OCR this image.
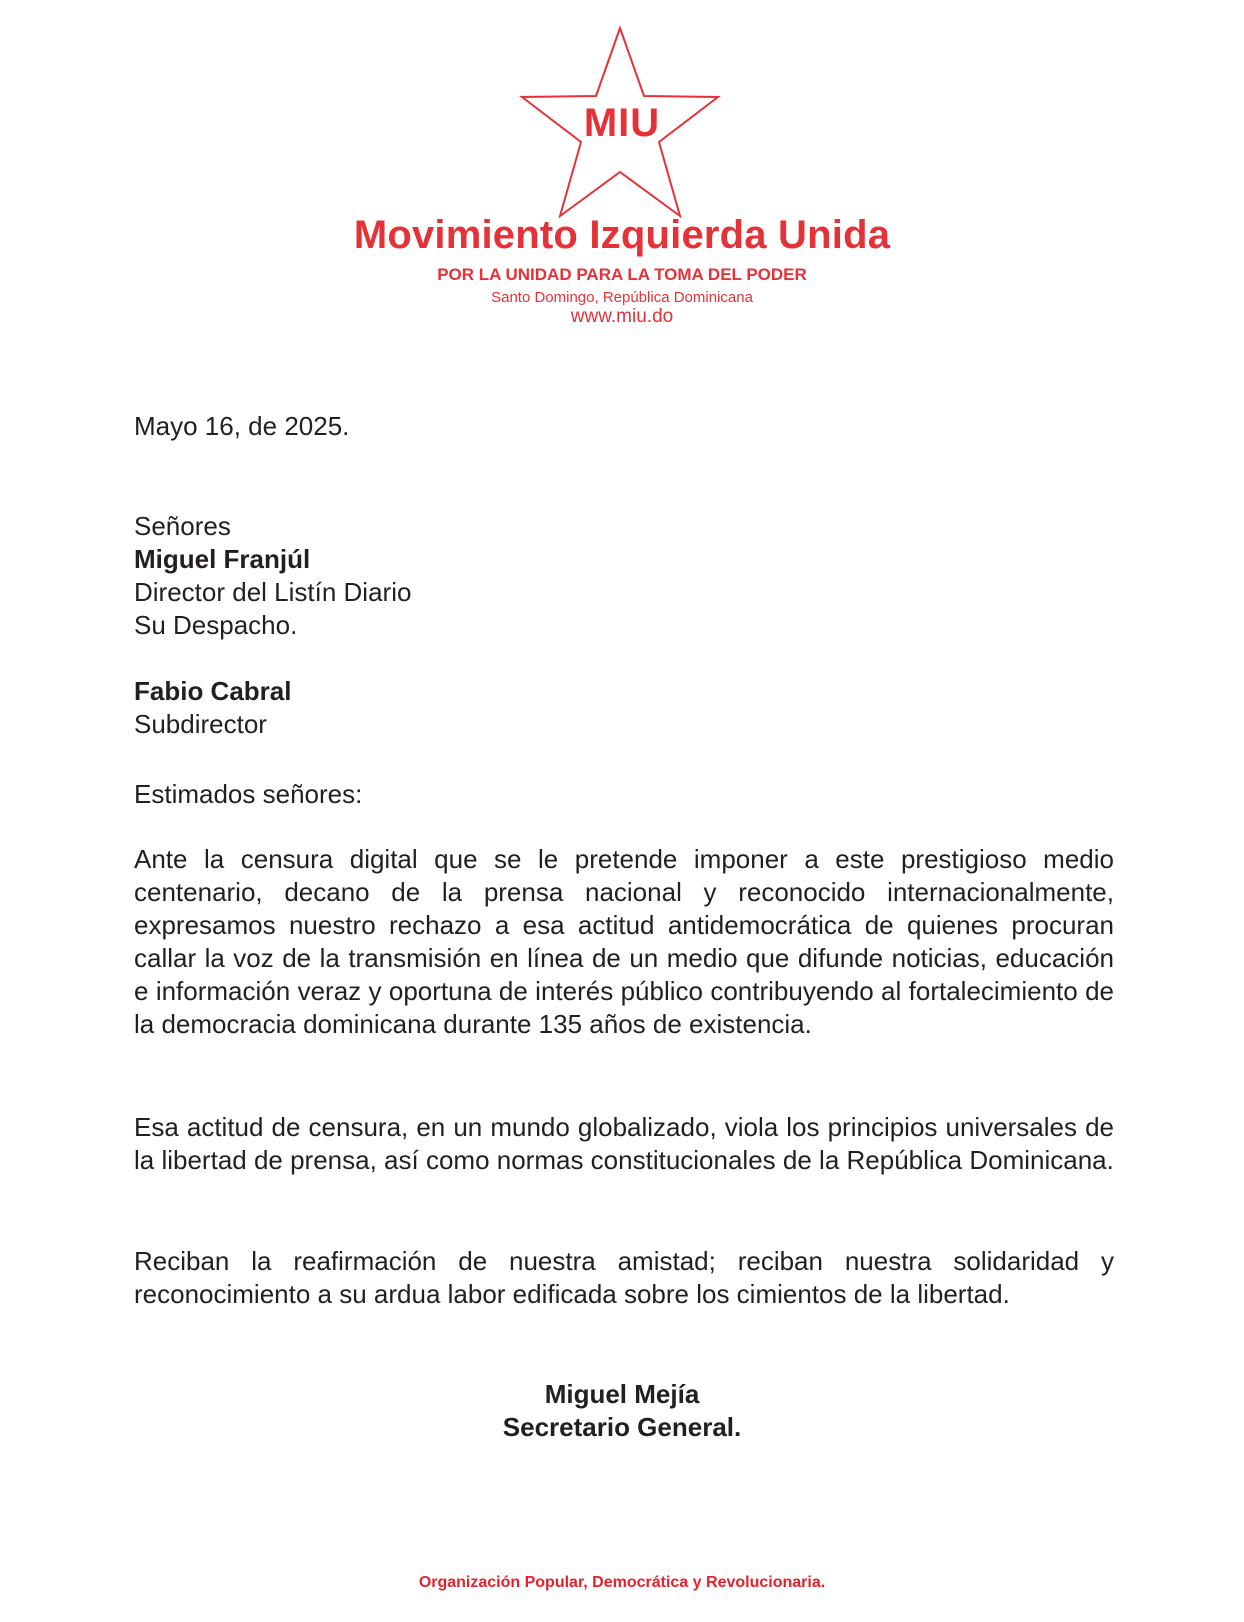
MIU
Movimiento Izquierda Unida
POR LA UNIDAD PARA LA TOMA DEL PODER
Santo Domingo, República Dominicana
www.miu.do
Mayo 16, de 2025.
Señores
Miguel Franjúl
Director del Listín Diario
Su Despacho.
Fabio Cabral
Subdirector
Estimados señores:
Ante la censura digital que se le pretende imponer a este prestigioso medio centenario, decano de la prensa nacional y reconocido internacionalmente, expresamos nuestro rechazo a esa actitud antidemocrática de quienes procuran callar la voz de la transmisión en línea de un medio que difunde noticias, educación e información veraz y oportuna de interés público contribuyendo al fortalecimiento de la democracia dominicana durante 135 años de existencia.
Esa actitud de censura, en un mundo globalizado, viola los principios universales de la libertad de prensa, así como normas constitucionales de la República Dominicana.
Reciban la reafirmación de nuestra amistad; reciban nuestra solidaridad y reconocimiento a su ardua labor edificada sobre los cimientos de la libertad.
Miguel Mejía
Secretario General.
Organización Popular, Democrática y Revolucionaria.
